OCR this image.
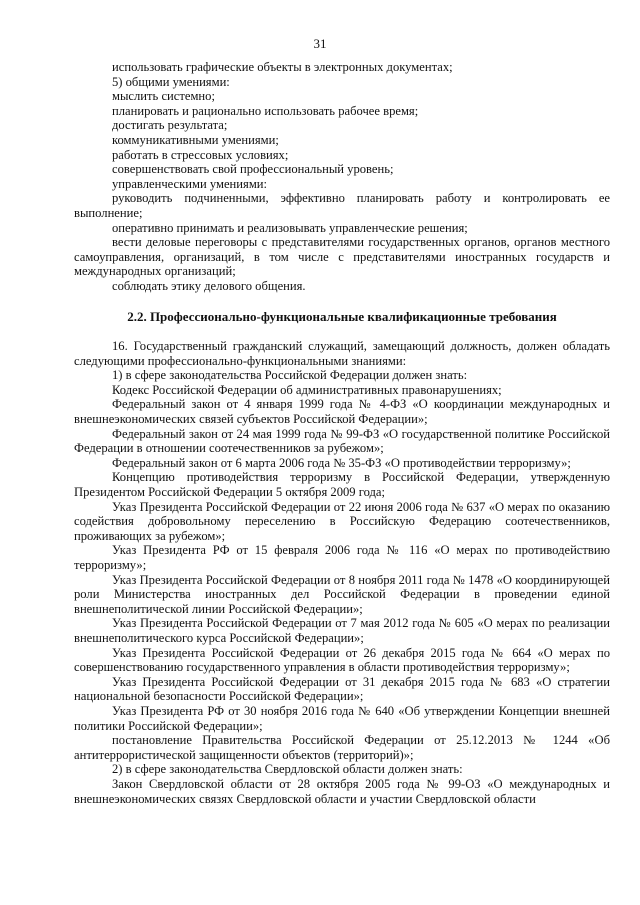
31

использовать графические объекты в электронных документах;

5) общими умениями:

мыслить системно;

планировать и рационально использовать рабочее время;

достигать результата;

коммуникативными умениями;

работать в стрессовых условиях;

совершенствовать свой профессиональный уровень;

управленческими умениями:

руководить подчиненными, эффективно планировать работу и контролировать ее выполнение;

оперативно принимать и реализовывать управленческие решения;

вести деловые переговоры с представителями государственных органов, органов местного самоуправления, организаций, в том числе с представителями иностранных государств и международных организаций;

соблюдать этику делового общения.

2.2. Профессионально-функциональные квалификационные требования

16. Государственный гражданский служащий, замещающий должность, должен обладать следующими профессионально-функциональными знаниями:

1) в сфере законодательства Российской Федерации должен знать:

Кодекс Российской Федерации об административных правонарушениях;

Федеральный закон от 4 января 1999 года № 4-ФЗ «О координации международных и внешнеэкономических связей субъектов Российской Федерации»;

Федеральный закон от 24 мая 1999 года № 99-ФЗ «О государственной политике Российской Федерации в отношении соотечественников за рубежом»;

Федеральный закон от 6 марта 2006 года № 35-ФЗ «О противодействии терроризму»;

Концепцию противодействия терроризму в Российской Федерации, утвержденную Президентом Российской Федерации 5 октября 2009 года;

Указ Президента Российской Федерации от 22 июня 2006 года № 637 «О мерах по оказанию содействия добровольному переселению в Российскую Федерацию соотечественников, проживающих за рубежом»;

Указ Президента РФ от 15 февраля 2006 года № 116 «О мерах по противодействию терроризму»;

Указ Президента Российской Федерации от 8 ноября 2011 года № 1478 «О координирующей роли Министерства иностранных дел Российской Федерации в проведении единой внешнеполитической линии Российской Федерации»;

Указ Президента Российской Федерации от 7 мая 2012 года № 605 «О мерах по реализации внешнеполитического курса Российской Федерации»;

Указ Президента Российской Федерации от 26 декабря 2015 года № 664 «О мерах по совершенствованию государственного управления в области противодействия терроризму»;

Указ Президента Российской Федерации от 31 декабря 2015 года № 683 «О стратегии национальной безопасности Российской Федерации»;

Указ Президента РФ от 30 ноября 2016 года № 640 «Об утверждении Концепции внешней политики Российской Федерации»;

постановление Правительства Российской Федерации от 25.12.2013 № 1244 «Об антитеррористической защищенности объектов (территорий)»;

2) в сфере законодательства Свердловской области должен знать:

Закон Свердловской области от 28 октября 2005 года № 99-ОЗ «О международных и внешнеэкономических связях Свердловской области и участии Свердловской области
